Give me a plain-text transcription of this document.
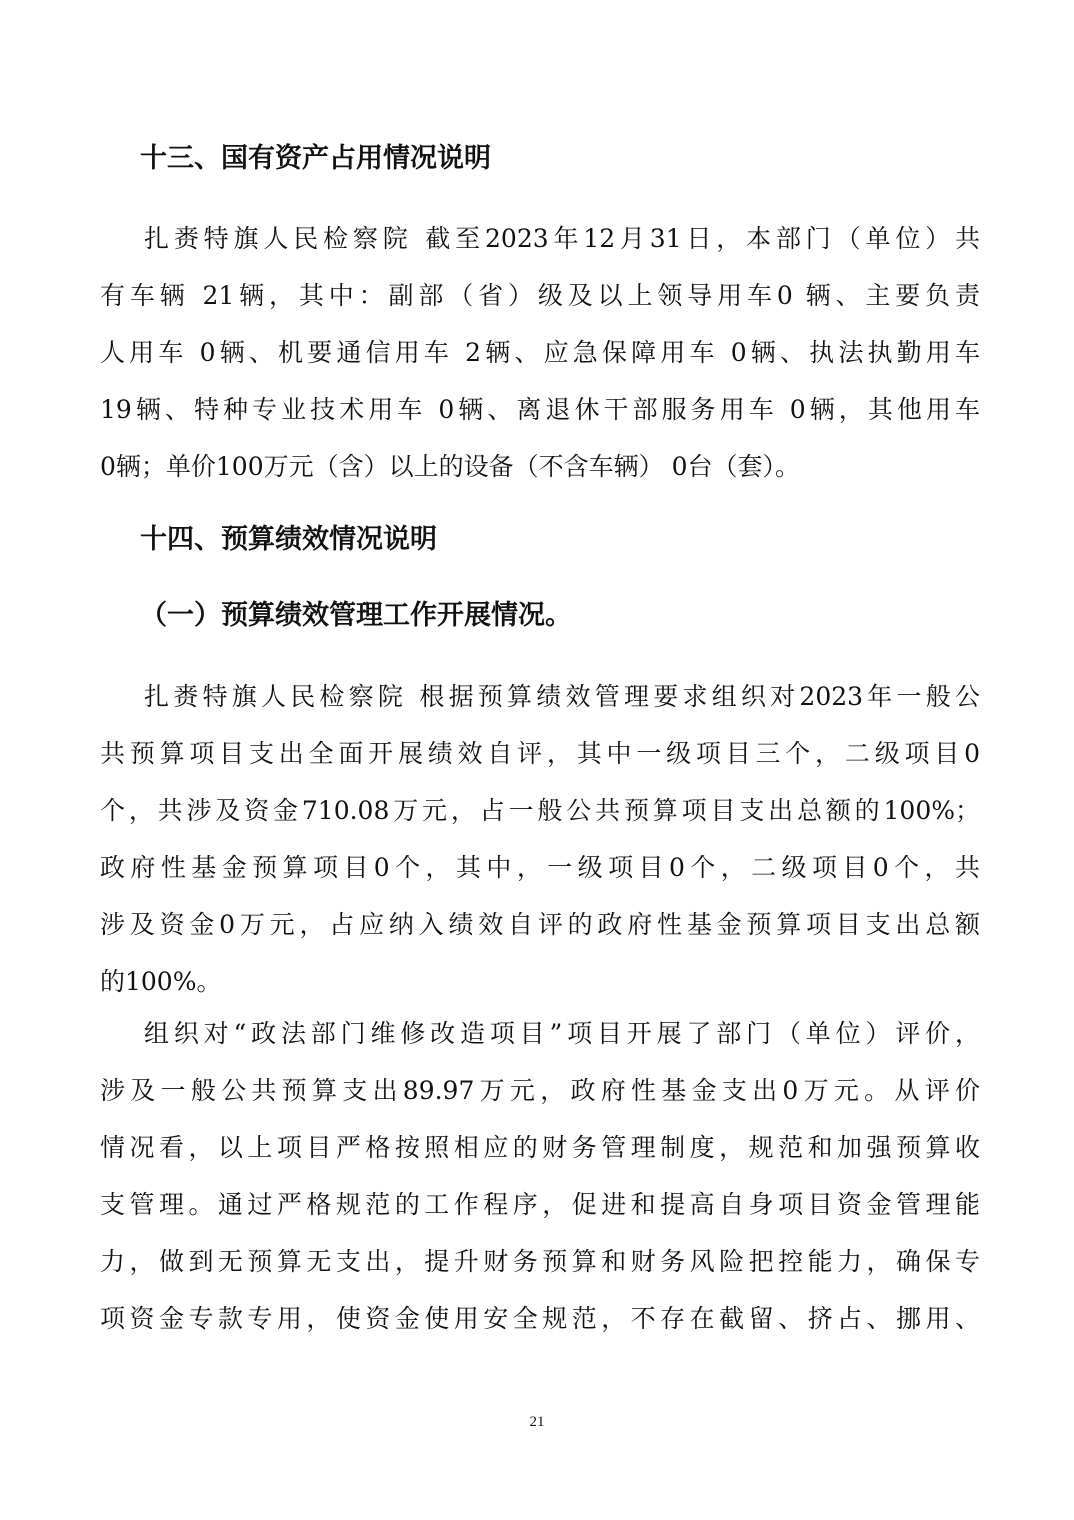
十三、国有资产占用情况说明
扎赉特旗人民检察院 截至2023年12月31日，本部门（单位）共
有车辆 21辆，其中：副部（省）级及以上领导用车0 辆、主要负责
人用车 0辆、机要通信用车 2辆、应急保障用车 0辆、执法执勤用车
19辆、特种专业技术用车 0辆、离退休干部服务用车 0辆，其他用车
0辆；单价100万元（含）以上的设备（不含车辆） 0台（套）。
十四、预算绩效情况说明
（一）预算绩效管理工作开展情况。
扎赉特旗人民检察院 根据预算绩效管理要求组织对2023年一般公
共预算项目支出全面开展绩效自评，其中一级项目三个，二级项目0
个，共涉及资金710.08万元，占一般公共预算项目支出总额的100%；
政府性基金预算项目0个，其中，一级项目0个，二级项目0个，共
涉及资金0万元，占应纳入绩效自评的政府性基金预算项目支出总额
的100%。
组织对“政法部门维修改造项目”项目开展了部门（单位）评价，
涉及一般公共预算支出89.97万元，政府性基金支出0万元。从评价
情况看，以上项目严格按照相应的财务管理制度，规范和加强预算收
支管理。通过严格规范的工作程序，促进和提高自身项目资金管理能
力，做到无预算无支出，提升财务预算和财务风险把控能力，确保专
项资金专款专用，使资金使用安全规范，不存在截留、挤占、挪用、
21
